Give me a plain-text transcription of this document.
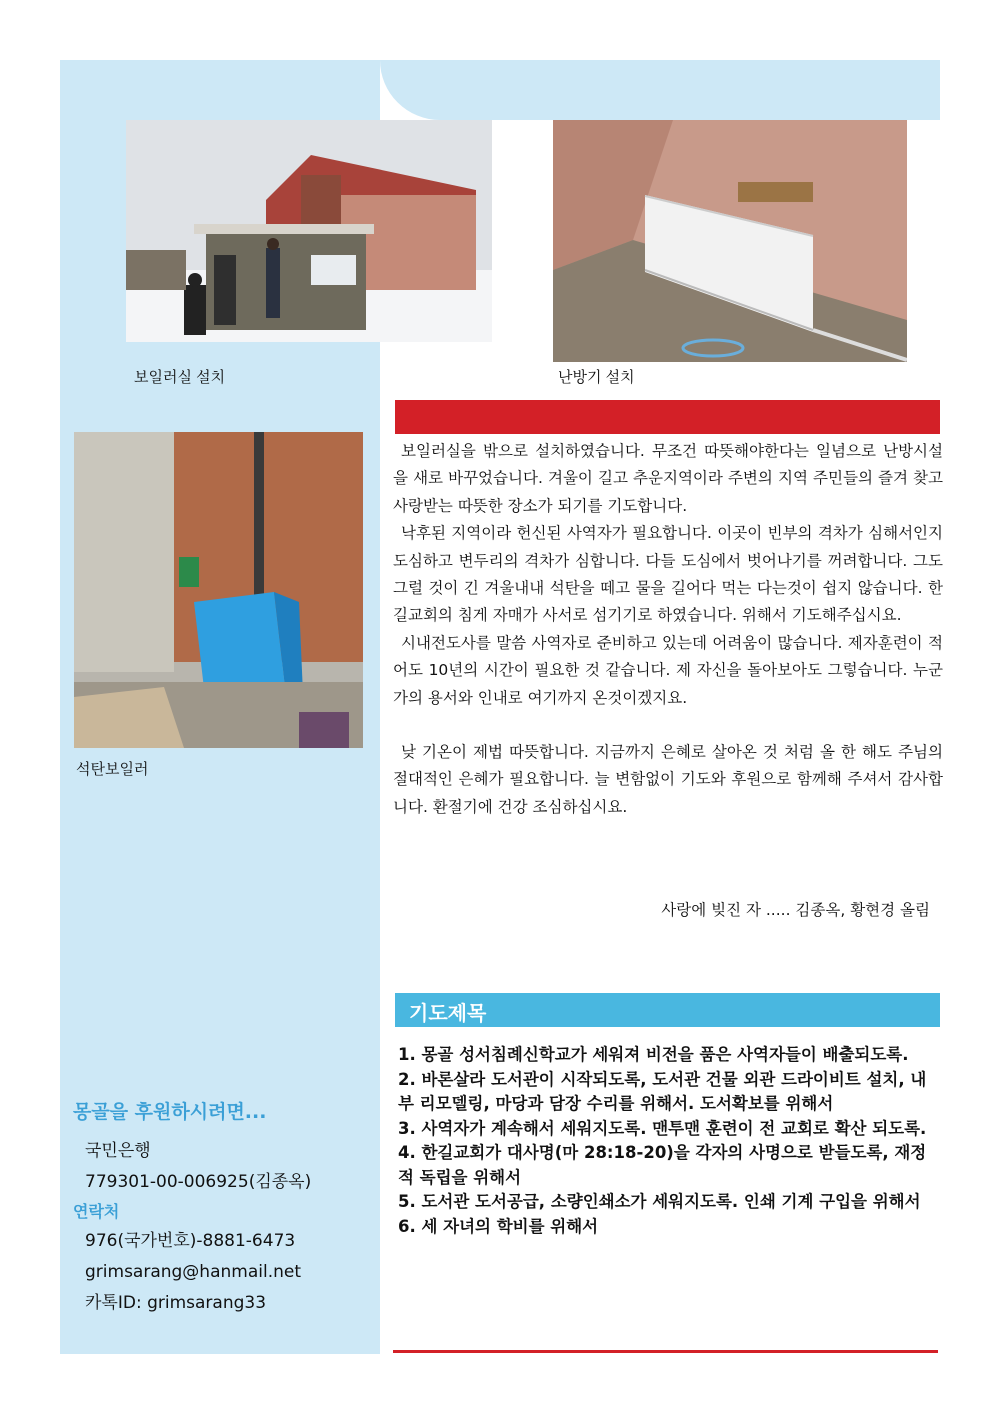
보일러실 설치	난방기 설치
석탄보일러

보일러실을 밖으로 설치하였습니다. 무조건 따뜻해야한다는 일념으로 난방시설을 새로 바꾸었습니다. 겨울이 길고 추운지역이라 주변의 지역 주민들의 즐겨 찾고 사랑받는 따뜻한 장소가 되기를 기도합니다.

낙후된 지역이라 헌신된 사역자가 필요합니다. 이곳이 빈부의 격차가 심해서인지 도심하고 변두리의 격차가 심합니다. 다들 도심에서 벗어나기를 꺼려합니다. 그도 그럴 것이 긴 겨울내내 석탄을 떼고 물을 길어다 먹는 다는것이 쉽지 않습니다. 한길교회의 침게 자매가 사서로 섬기기로 하였습니다. 위해서 기도해주십시요.

시내전도사를 말씀 사역자로 준비하고 있는데 어려움이 많습니다. 제자훈련이 적어도 10년의 시간이 필요한 것 같습니다. 제 자신을 돌아보아도 그렇습니다. 누군가의 용서와 인내로 여기까지 온것이겠지요.

낮 기온이 제법 따뜻합니다. 지금까지 은혜로 살아온 것 처럼 올 한 해도 주님의 절대적인 은혜가 필요합니다. 늘 변함없이 기도와 후원으로 함께해 주셔서 감사합니다. 환절기에 건강 조심하십시요.

사랑에 빚진 자 ..... 김종옥, 황현경 올림
기도제목
1. 몽골 성서침례신학교가 세워져 비전을 품은 사역자들이 배출되도록.
2. 바론살라 도서관이 시작되도록, 도서관 건물 외관 드라이비트 설치, 내부 리모델링, 마당과 담장 수리를 위해서. 도서확보를 위해서
3. 사역자가 계속해서 세워지도록. 맨투맨 훈련이 전 교회로 확산 되도록.
4. 한길교회가 대사명(마 28:18-20)을 각자의 사명으로 받들도록, 재정적 독립을 위해서
5. 도서관 도서공급, 소량인쇄소가 세워지도록. 인쇄 기계 구입을 위해서
6. 세 자녀의 학비를 위해서
몽골을 후원하시려면...
국민은행
779301-00-006925(김종옥)
연락처
976(국가번호)-8881-6473
grimsarang@hanmail.net
카톡ID: grimsarang33
